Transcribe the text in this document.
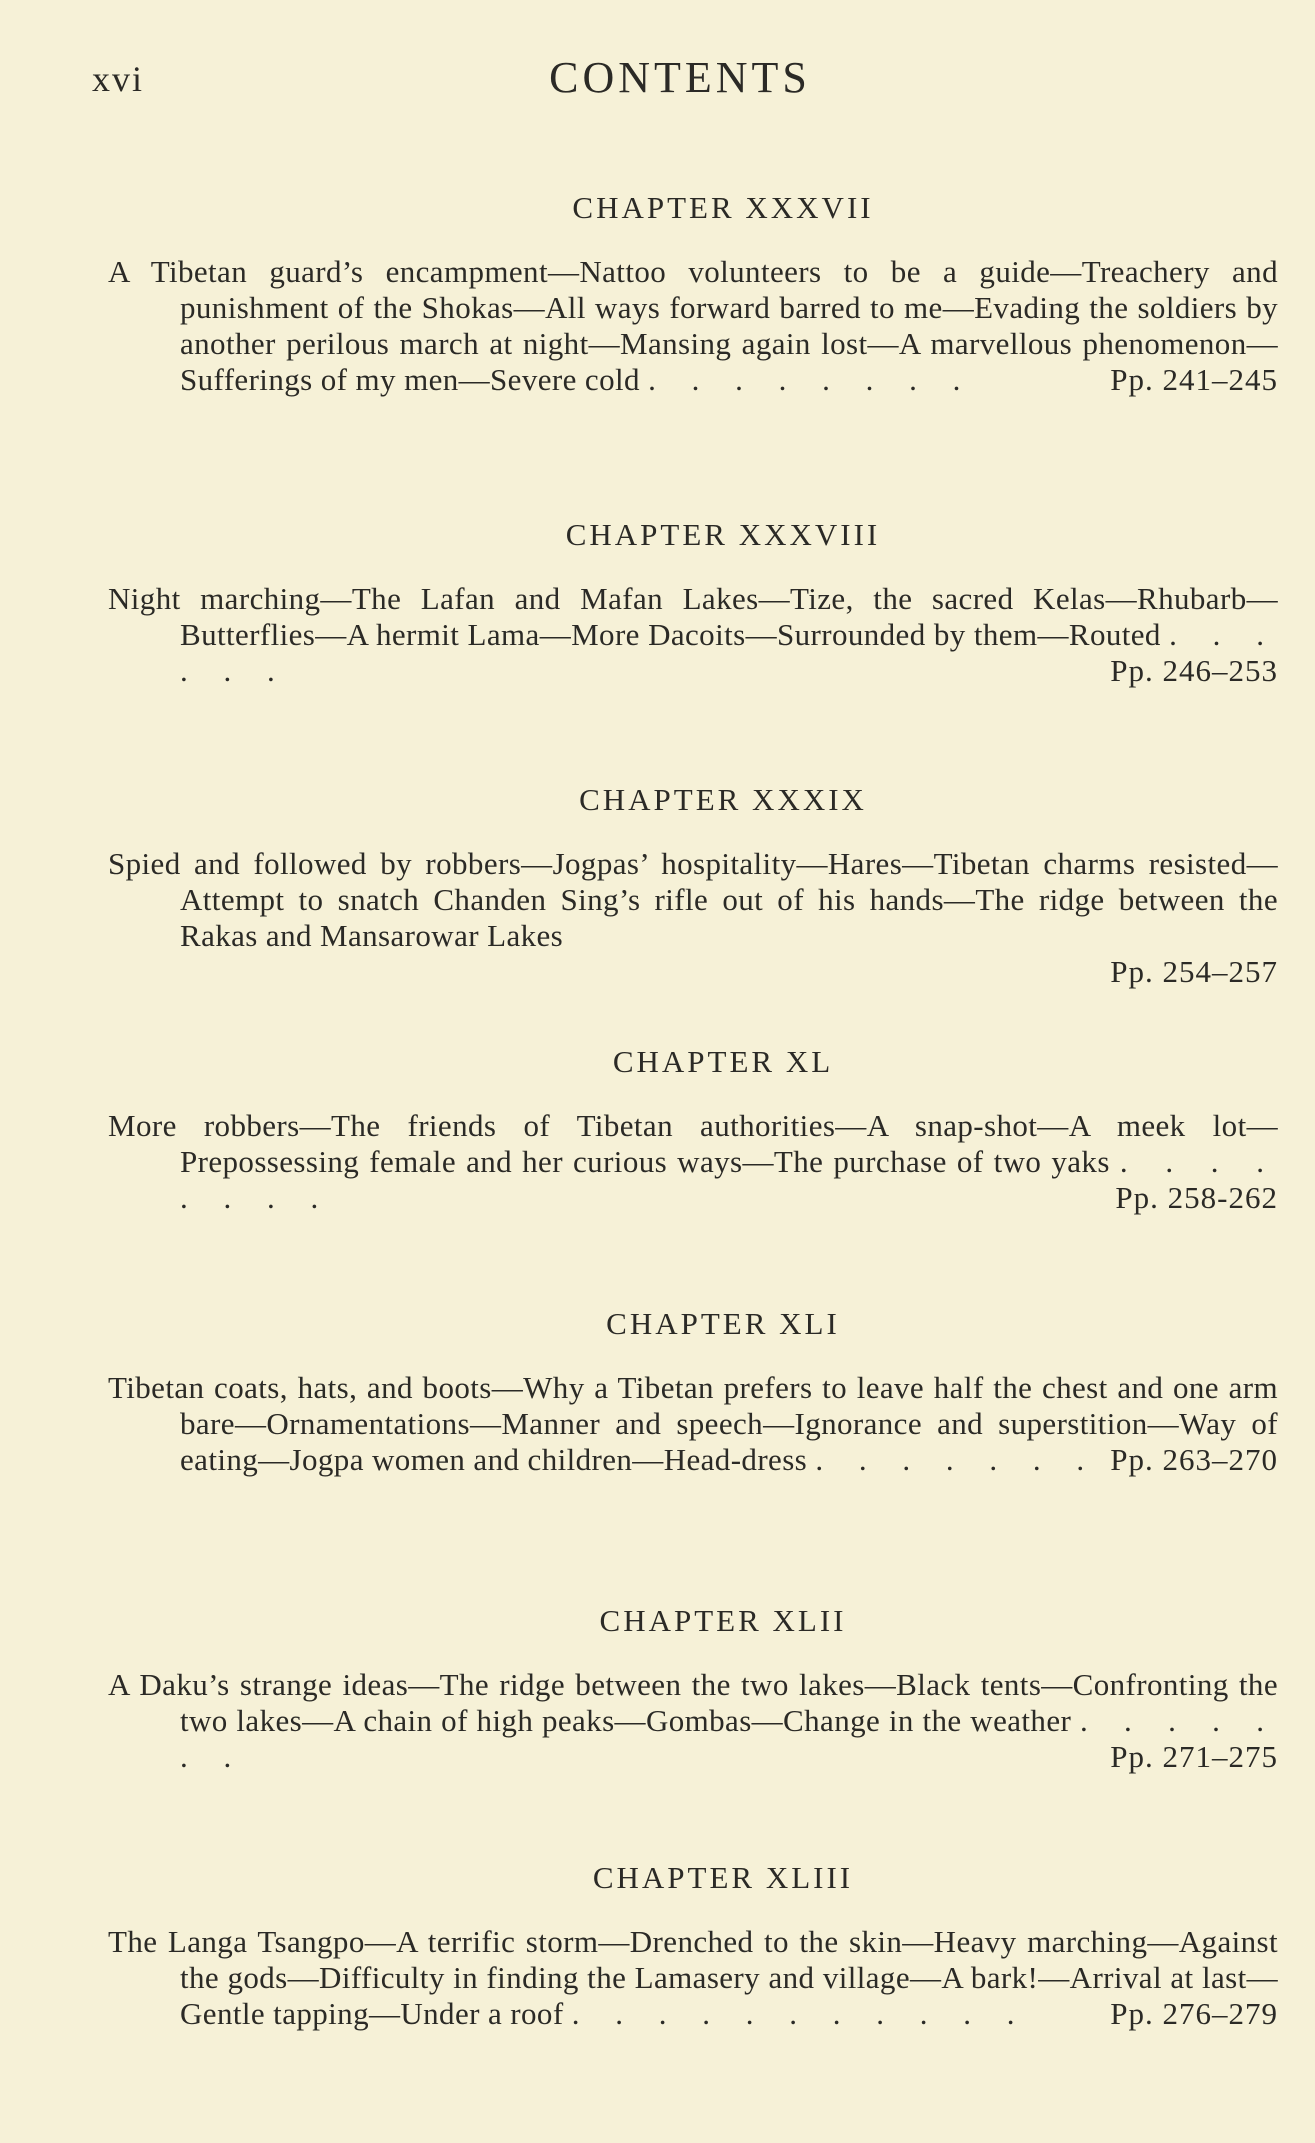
xvi	CONTENTS
CHAPTER XXXVII
A Tibetan guard’s encampment—Nattoo volunteers to be a guide—Treachery and punishment of the Shokas—All ways forward barred to me—Evading the soldiers by another perilous march at night—Mansing again lost—A marvellous phenomenon—Sufferings of my men—Severe cold . . . . . . . .	Pp. 241–245
CHAPTER XXXVIII
Night marching—The Lafan and Mafan Lakes—Tize, the sacred Kelas—Rhubarb—Butterflies—A hermit Lama—More Dacoits—Surrounded by them—Routed . . . . . .	Pp. 246–253
CHAPTER XXXIX
Spied and followed by robbers—Jogpas’ hospitality—Hares—Tibetan charms resisted—Attempt to snatch Chanden Sing’s rifle out of his hands—The ridge between the Rakas and Mansarowar Lakes
Pp. 254–257
CHAPTER XL
More robbers—The friends of Tibetan authorities—A snap-shot—A meek lot—Prepossessing female and her curious ways—The purchase of two yaks . . . . . . . .	Pp. 258-262
CHAPTER XLI
Tibetan coats, hats, and boots—Why a Tibetan prefers to leave half the chest and one arm bare—Ornamentations—Manner and speech—Ignorance and superstition—Way of eating—Jogpa women and children—Head-dress . . . . . . . Pp. 263–270
CHAPTER XLII
A Daku’s strange ideas—The ridge between the two lakes—Black tents—Confronting the two lakes—A chain of high peaks—Gombas—Change in the weather . . . . . . .	Pp. 271–275
CHAPTER XLIII
The Langa Tsangpo—A terrific storm—Drenched to the skin—Heavy marching—Against the gods—Difficulty in finding the Lamasery and village—A bark!—Arrival at last—Gentle tapping—Under a roof . . . . . . . . . . .	Pp. 276–279
